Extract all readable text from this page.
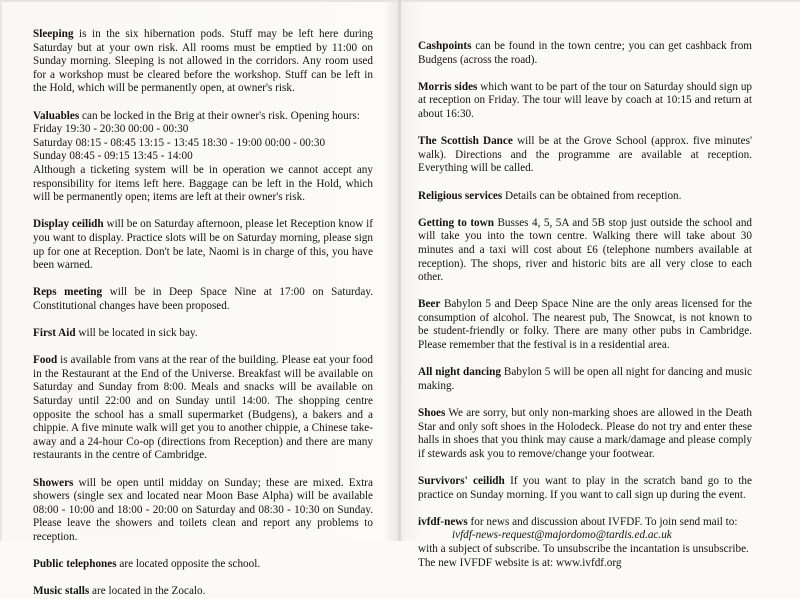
Sleeping is in the six hibernation pods. Stuff may be left here during Saturday but at your own risk. All rooms must be emptied by 11:00 on Sunday morning. Sleeping is not allowed in the corridors. Any room used for a workshop must be cleared before the workshop. Stuff can be left in the Hold, which will be permanently open, at owner's risk.

Valuables can be locked in the Brig at their owner's risk. Opening hours:

Friday 19:30 - 20:30 00:00 - 00:30
Saturday 08:15 - 08:45 13:15 - 13:45 18:30 - 19:00 00:00 - 00:30
Sunday 08:45 - 09:15 13:45 - 14:00

Although a ticketing system will be in operation we cannot accept any responsibility for items left here. Baggage can be left in the Hold, which will be permanently open; items are left at their owner's risk.

Display ceilidh will be on Saturday afternoon, please let Reception know if you want to display. Practice slots will be on Saturday morning, please sign up for one at Reception. Don't be late, Naomi is in charge of this, you have been warned.

Reps meeting will be in Deep Space Nine at 17:00 on Saturday. Constitutional changes have been proposed.

First Aid will be located in sick bay.

Food is available from vans at the rear of the building. Please eat your food in the Restaurant at the End of the Universe. Breakfast will be available on Saturday and Sunday from 8:00. Meals and snacks will be available on Saturday until 22:00 and on Sunday until 14:00. The shopping centre opposite the school has a small supermarket (Budgens), a bakers and a chippie. A five minute walk will get you to another chippie, a Chinese take-away and a 24-hour Co-op (directions from Reception) and there are many restaurants in the centre of Cambridge.

Showers will be open until midday on Sunday; these are mixed. Extra showers (single sex and located near Moon Base Alpha) will be available 08:00 - 10:00 and 18:00 - 20:00 on Saturday and 08:30 - 10:30 on Sunday. Please leave the showers and toilets clean and report any problems to reception.

Public telephones are located opposite the school.

Music stalls are located in the Zocalo.

Cashpoints can be found in the town centre; you can get cashback from Budgens (across the road).

Morris sides which want to be part of the tour on Saturday should sign up at reception on Friday. The tour will leave by coach at 10:15 and return at about 16:30.

The Scottish Dance will be at the Grove School (approx. five minutes' walk). Directions and the programme are available at reception. Everything will be called.

Religious services Details can be obtained from reception.

Getting to town Busses 4, 5, 5A and 5B stop just outside the school and will take you into the town centre. Walking there will take about 30 minutes and a taxi will cost about £6 (telephone numbers available at reception). The shops, river and historic bits are all very close to each other.

Beer Babylon 5 and Deep Space Nine are the only areas licensed for the consumption of alcohol. The nearest pub, The Snowcat, is not known to be student-friendly or folky. There are many other pubs in Cambridge. Please remember that the festival is in a residential area.

All night dancing Babylon 5 will be open all night for dancing and music making.

Shoes We are sorry, but only non-marking shoes are allowed in the Death Star and only soft shoes in the Holodeck. Please do not try and enter these halls in shoes that you think may cause a mark/damage and please comply if stewards ask you to remove/change your footwear.

Survivors' ceilidh If you want to play in the scratch band go to the practice on Sunday morning. If you want to call sign up during the event.

ivfdf-news for news and discussion about IVFDF. To join send mail to:

ivfdf-news-request@majordomo@tardis.ed.ac.uk

with a subject of subscribe. To unsubscribe the incantation is unsubscribe.

The new IVFDF website is at: www.ivfdf.org
